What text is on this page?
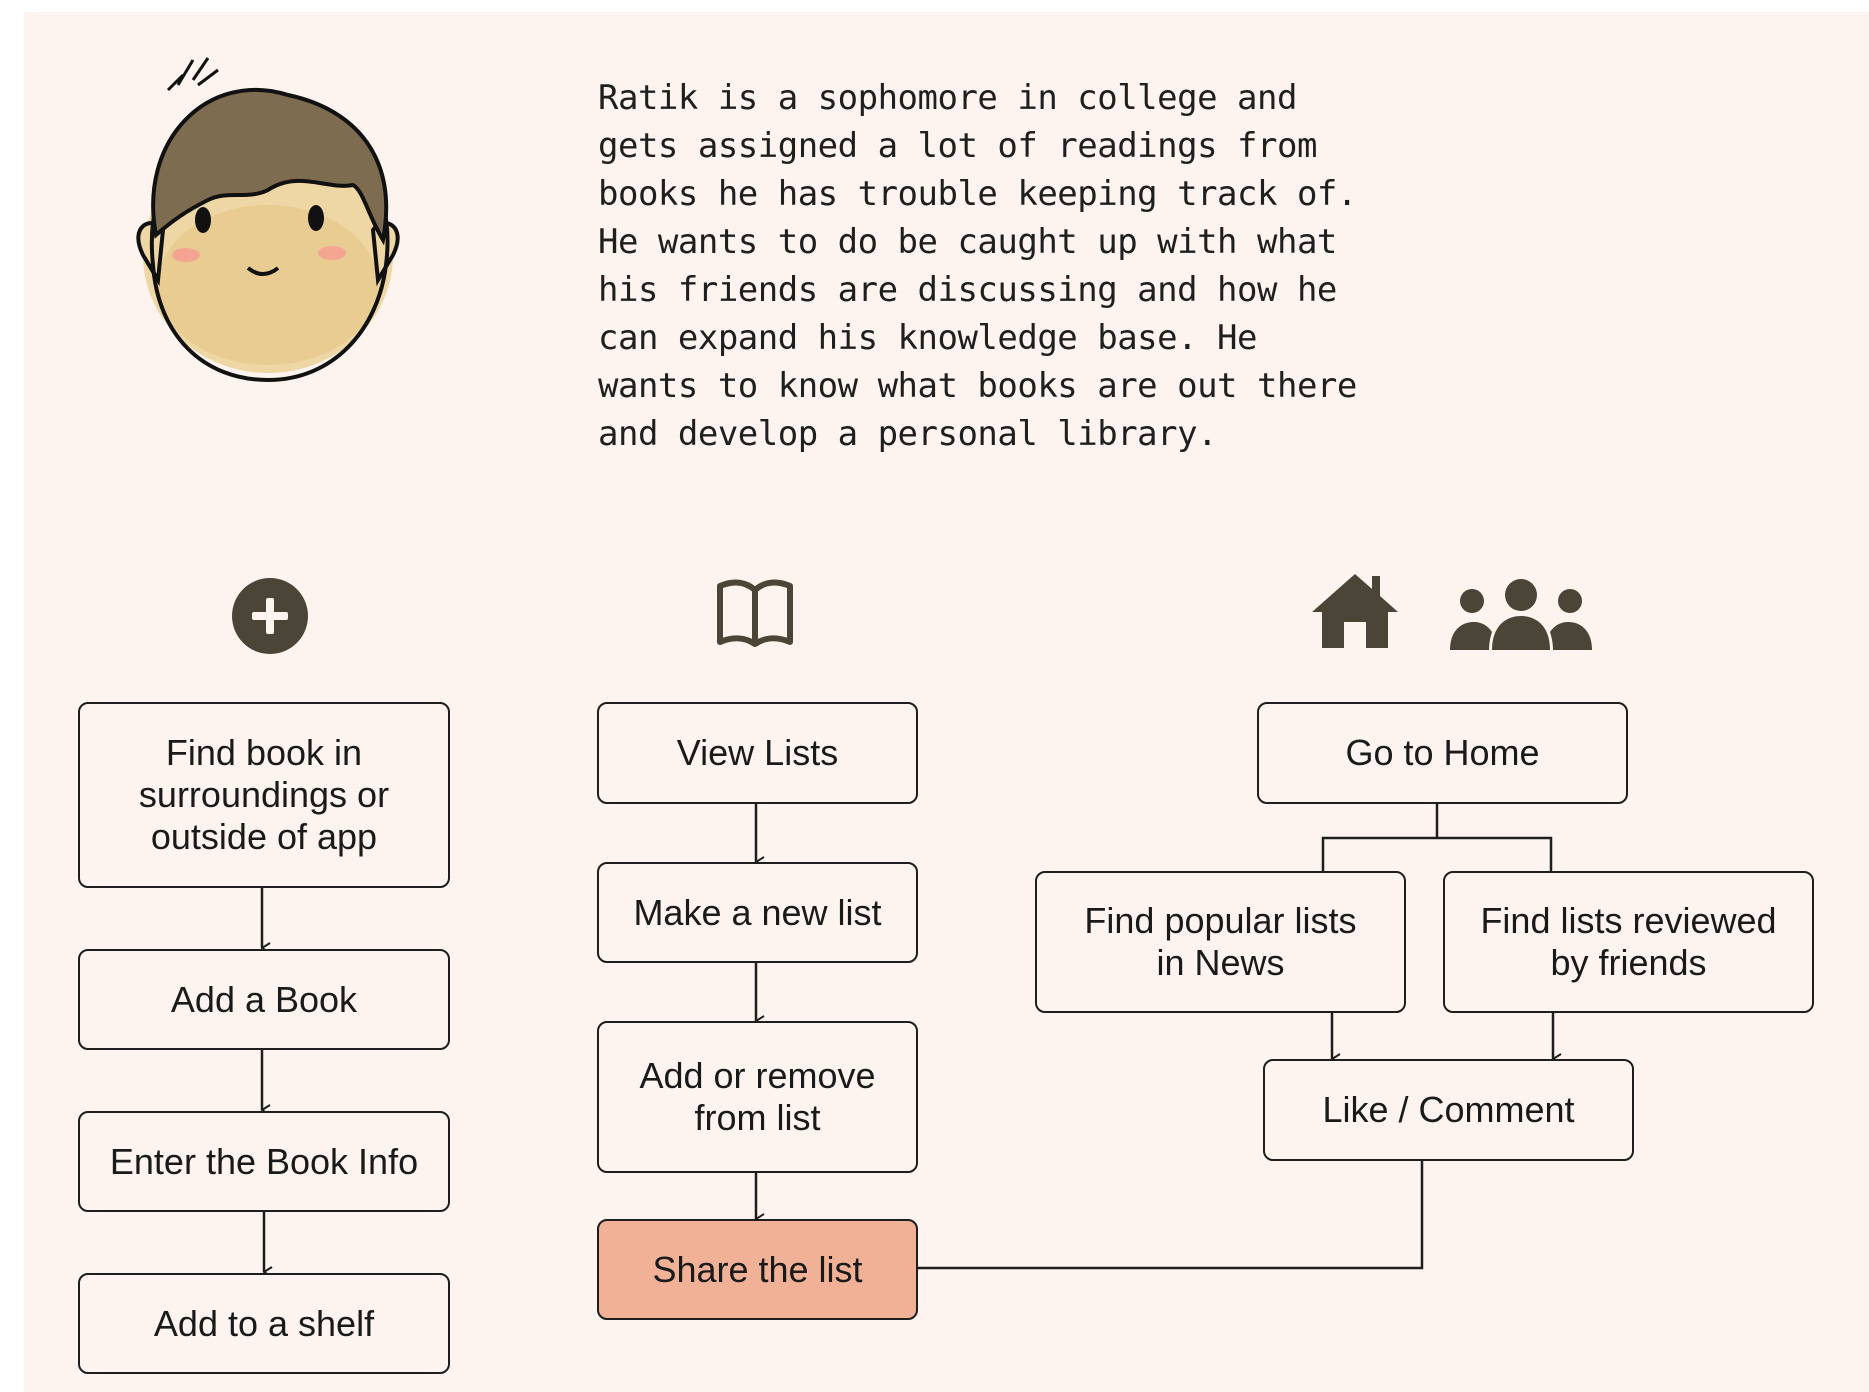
Ratik is a sophomore in college and gets assigned a lot of readings from books he has trouble keeping track of. He wants to do be caught up with what his friends are discussing and how he can expand his knowledge base. He wants to know what books are out there and develop a personal library.
Find book in
surroundings or
outside of app
Add a Book
Enter the Book Info
Add to a shelf
View Lists
Make a new list
Add or remove
from list
Share the list
Go to Home
Find popular lists
in News
Find lists reviewed
by friends
Like / Comment
